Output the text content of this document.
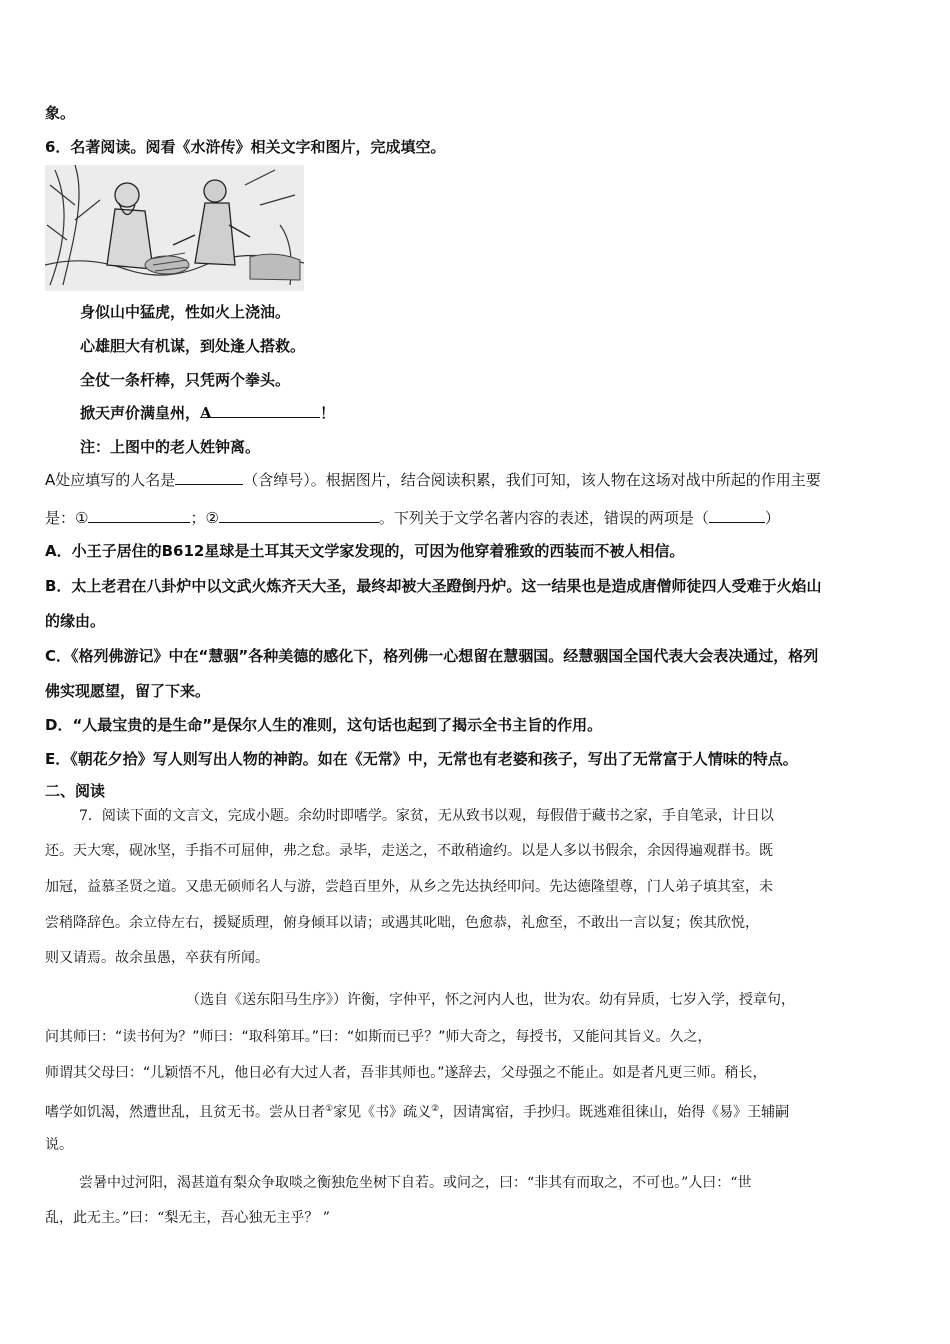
象。
6．名著阅读。阅看《水浒传》相关文字和图片，完成填空。
身似山中猛虎，性如火上浇油。
心雄胆大有机谋，到处逢人搭救。
全仗一条杆棒，只凭两个拳头。
掀天声价满皇州，A	！
注：上图中的老人姓钟离。
A处应填写的人名是	（含绰号）。根据图片，结合阅读积累，我们可知，该人物在这场对战中所起的作用主要
是：①	；②	。下列关于文学名著内容的表述，错误的两项是（	）
A．小王子居住的B612星球是土耳其天文学家发现的，可因为他穿着雅致的西装而不被人相信。
B．太上老君在八卦炉中以文武火炼齐天大圣，最终却被大圣蹬倒丹炉。这一结果也是造成唐僧师徒四人受难于火焰山
的缘由。
C．《格列佛游记》中在“慧骃”各种美德的感化下，格列佛一心想留在慧骃国。经慧骃国全国代表大会表决通过，格列
佛实现愿望，留了下来。
D．“人最宝贵的是生命”是保尔人生的准则，这句话也起到了揭示全书主旨的作用。
E．《朝花夕拾》写人则写出人物的神韵。如在《无常》中，无常也有老婆和孩子，写出了无常富于人情味的特点。
二、阅读
7．阅读下面的文言文，完成小题。余幼时即嗜学。家贫，无从致书以观，每假借于藏书之家，手自笔录，计日以
还。天大寒，砚冰坚，手指不可屈伸，弗之怠。录毕，走送之，不敢稍逾约。以是人多以书假余，余因得遍观群书。既
加冠，益慕圣贤之道。又患无硕师名人与游，尝趋百里外，从乡之先达执经叩问。先达德隆望尊，门人弟子填其室，未
尝稍降辞色。余立侍左右，援疑质理，俯身倾耳以请；或遇其叱咄，色愈恭，礼愈至，不敢出一言以复；俟其欣悦，
则又请焉。故余虽愚，卒获有所闻。
（选自《送东阳马生序》）许衡，字仲平，怀之河内人也，世为农。幼有异质，七岁入学，授章句，
问其师曰：“读书何为？”师曰：“取科第耳。”曰：“如斯而已乎？”师大奇之，每授书，又能问其旨义。久之，
师谓其父母曰：“儿颖悟不凡，他日必有大过人者，吾非其师也。”遂辞去，父母强之不能止。如是者凡更三师。稍长，
嗜学如饥渴，然遭世乱，且贫无书。尝从日者①家见《书》疏义②，因请寓宿，手抄归。既逃难徂徕山，始得《易》王辅嗣
说。
尝暑中过河阳，渴甚道有梨众争取啖之衡独危坐树下自若。或问之，曰：“非其有而取之，不可也。”人曰：“世
乱，此无主。”曰：“梨无主，吾心独无主乎？ ”
